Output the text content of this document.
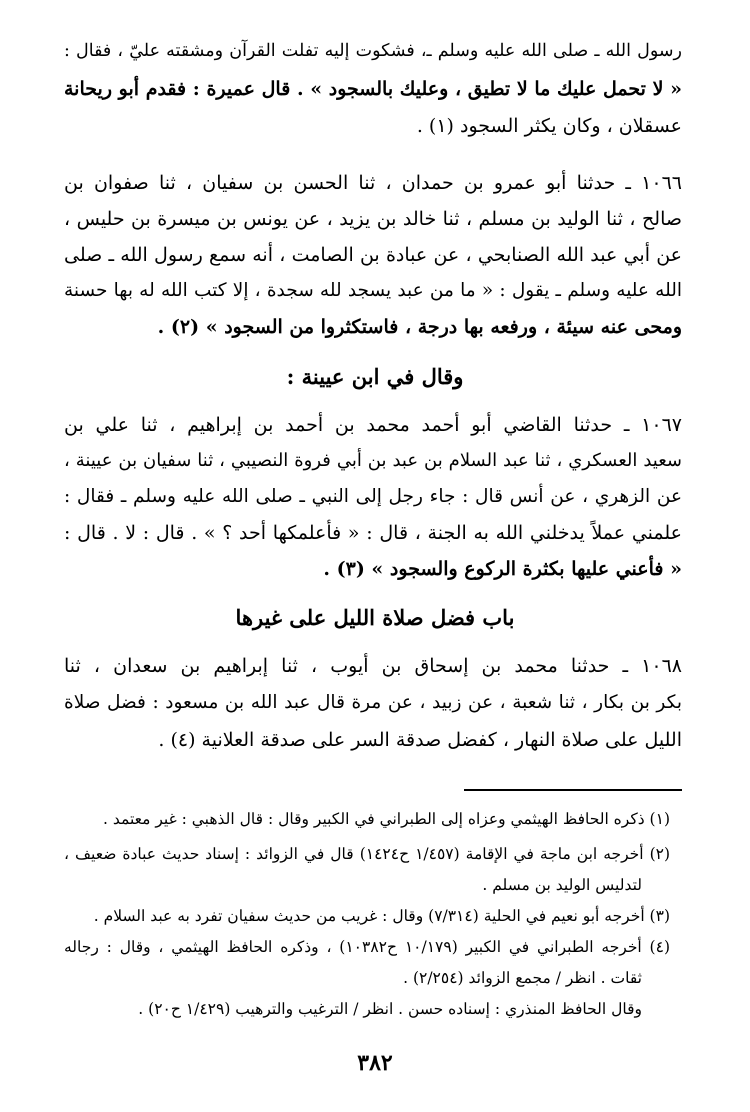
رسول الله ـ صلى الله عليه وسلم ـ، فشكوت إليه تفلت القرآن ومشقته عليّ ، فقال :
« لا تحمل عليك ما لا تطيق ، وعليك بالسجود » . قال عميرة : فقدم أبو ريحانة
عسقلان ، وكان يكثر السجود (١) .
١٠٦٦ ـ حدثنا أبو عمرو بن حمدان ، ثنا الحسن بن سفيان ، ثنا صفوان بن
صالح ، ثنا الوليد بن مسلم ، ثنا خالد بن يزيد ، عن يونس بن ميسرة بن حليس ،
عن أبي عبد الله الصنابحي ، عن عبادة بن الصامت ، أنه سمع رسول الله ـ صلى
الله عليه وسلم ـ يقول : « ما من عبد يسجد لله سجدة ، إلا كتب الله له بها حسنة
ومحى عنه سيئة ، ورفعه بها درجة ، فاستكثروا من السجود » (٢) .
وقال في ابن عيينة :
١٠٦٧ ـ حدثنا القاضي أبو أحمد محمد بن أحمد بن إبراهيم ، ثنا علي بن
سعيد العسكري ، ثنا عبد السلام بن عبد بن أبي فروة النصيبي ، ثنا سفيان بن عيينة ،
عن الزهري ، عن أنس قال : جاء رجل إلى النبي ـ صلى الله عليه وسلم ـ فقال :
علمني عملاً يدخلني الله به الجنة ، قال : « فأعلمكها أحد ؟ » . قال : لا . قال :
« فأعني عليها بكثرة الركوع والسجود » (٣) .
باب فضل صلاة الليل على غيرها
١٠٦٨ ـ حدثنا محمد بن إسحاق بن أيوب ، ثنا إبراهيم بن سعدان ، ثنا
بكر بن بكار ، ثنا شعبة ، عن زبيد ، عن مرة قال عبد الله بن مسعود : فضل صلاة
الليل على صلاة النهار ، كفضل صدقة السر على صدقة العلانية (٤) .
(١) ذكره الحافظ الهيثمي وعزاه إلى الطبراني في الكبير وقال : قال الذهبي : غير معتمد .
(٢) أخرجه ابن ماجة في الإقامة (١/٤٥٧ ح١٤٢٤) قال في الزوائد : إسناد حديث عبادة ضعيف ،
لتدليس الوليد بن مسلم .
(٣) أخرجه أبو نعيم في الحلية (٧/٣١٤) وقال : غريب من حديث سفيان تفرد به عبد السلام .
(٤) أخرجه الطبراني في الكبير (١٠/١٧٩ ح١٠٣٨٢) ، وذكره الحافظ الهيثمي ، وقال : رجاله
ثقات . انظر / مجمع الزوائد (٢/٢٥٤) .
وقال الحافظ المنذري : إسناده حسن . انظر / الترغيب والترهيب (١/٤٢٩ ح٢٠) .
٣٨٢
